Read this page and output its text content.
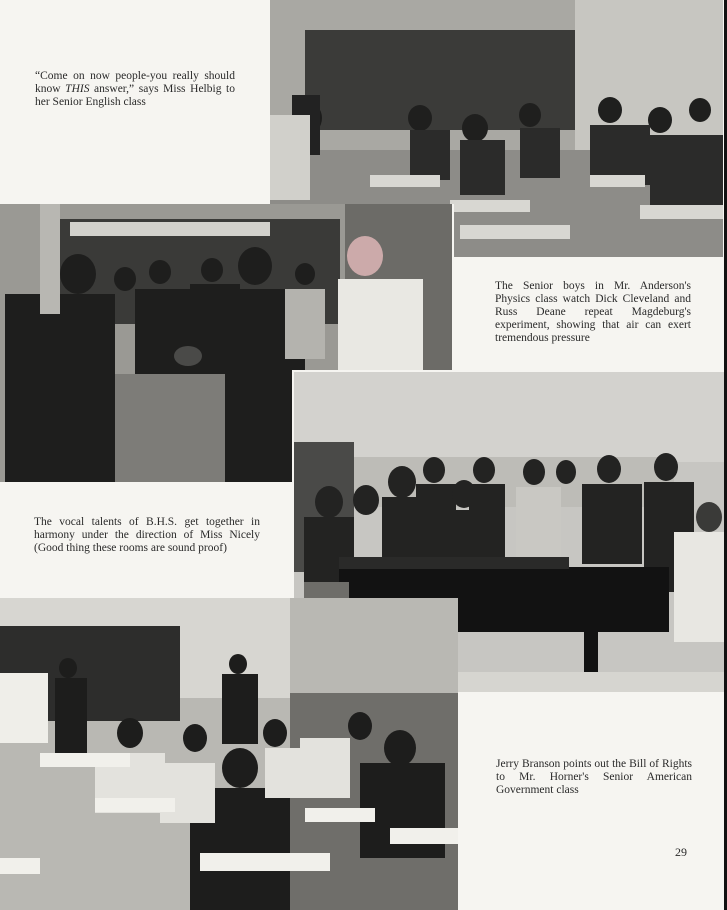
“Come on now people-you really should know THIS answer,” says Miss Helbig to her Senior English class
The Senior boys in Mr. Anderson's Physics class watch Dick Cleveland and Russ Deane repeat Magdeburg's experiment, showing that air can exert tremendous pressure
The vocal talents of B.H.S. get together in harmony under the direction of Miss Nicely (Good thing these rooms are sound proof)
Jerry Branson points out the Bill of Rights to Mr. Horner's Senior American Government class
29
